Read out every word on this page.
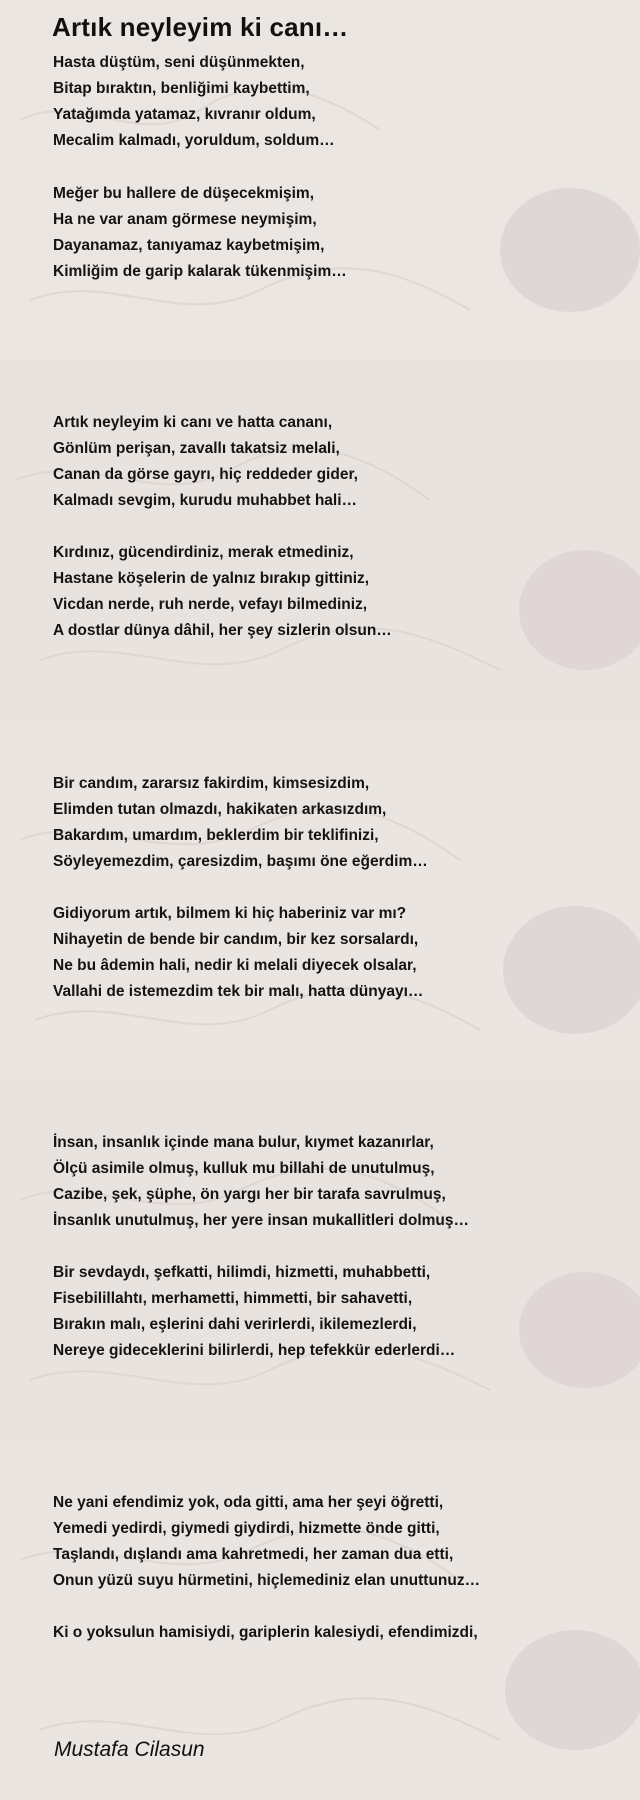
Artık neyleyim ki canı…

Hasta düştüm, seni düşünmekten,
Bitap bıraktın, benliğimi kaybettim,
Yatağımda yatamaz, kıvranır oldum,
Mecalim kalmadı, yoruldum, soldum…

Meğer bu hallere de düşecekmişim,
Ha ne var anam görmese neymişim,
Dayanamaz, tanıyamaz kaybetmişim,
Kimliğim de garip kalarak tükenmişim…

Artık neyleyim ki canı ve hatta cananı,
Gönlüm perişan, zavallı takatsiz melali,
Canan da görse gayrı, hiç reddeder gider,
Kalmadı sevgim, kurudu muhabbet hali…

Kırdınız, gücendirdiniz, merak etmediniz,
Hastane köşelerin de yalnız bırakıp gittiniz,
Vicdan nerde, ruh nerde, vefayı bilmediniz,
A dostlar dünya dâhil, her şey sizlerin olsun…

Bir candım, zararsız fakirdim, kimsesizdim,
Elimden tutan olmazdı, hakikaten arkasızdım,
Bakardım, umardım, beklerdim bir teklifinizi,
Söyleyemezdim, çaresizdim, başımı öne eğerdim…

Gidiyorum artık, bilmem ki hiç haberiniz var mı?
Nihayetin de bende bir candım, bir kez sorsalardı,
Ne bu âdemin hali, nedir ki melali diyecek olsalar,
Vallahi de istemezdim tek bir malı, hatta dünyayı…

İnsan, insanlık içinde mana bulur, kıymet kazanırlar,
Ölçü asimile olmuş, kulluk mu billahi de unutulmuş,
Cazibe, şek, şüphe, ön yargı her bir tarafa savrulmuş,
İnsanlık unutulmuş, her yere insan mukallitleri dolmuş…

Bir sevdaydı, şefkatti, hilimdi, hizmetti, muhabbetti,
Fisebilillahtı, merhametti, himmetti, bir sahavetti,
Bırakın malı, eşlerini dahi verirlerdi, ikilemezlerdi,
Nereye gideceklerini bilirlerdi, hep tefekkür ederlerdi…

Ne yani efendimiz yok, oda gitti, ama her şeyi öğretti,
Yemedi yedirdi, giymedi giydirdi, hizmette önde gitti,
Taşlandı, dışlandı ama kahretmedi, her zaman dua etti,
Onun yüzü suyu hürmetini, hiçlemediniz elan unuttunuz…

Ki o yoksulun hamisiydi, gariplerin kalesiydi, efendimizdi,

Mustafa Cilasun
